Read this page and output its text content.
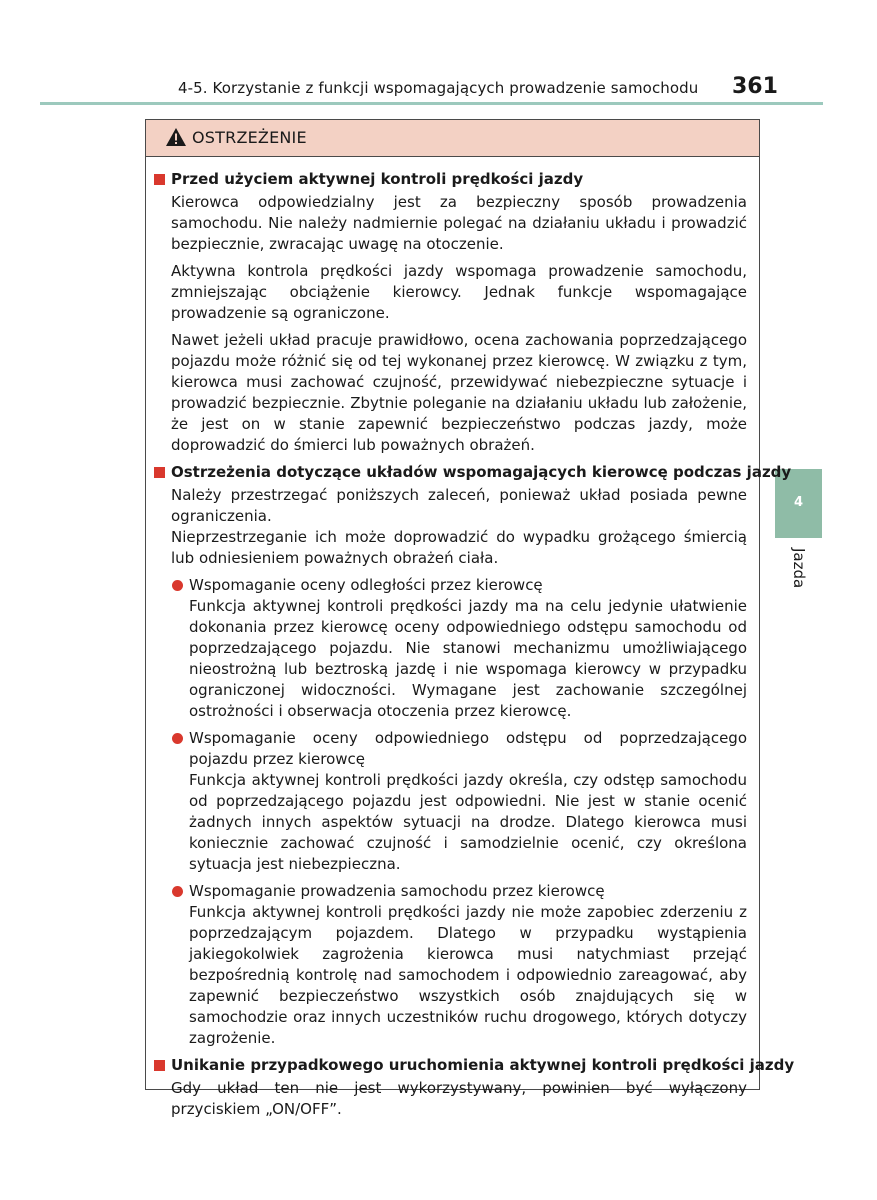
4-5. Korzystanie z funkcji wspomagających prowadzenie samochodu 361
4
Jazda
OSTRZEŻENIE
Przed użyciem aktywnej kontroli prędkości jazdy
Kierowca odpowiedzialny jest za bezpieczny sposób prowadzenia samochodu. Nie należy nadmiernie polegać na działaniu układu i prowadzić bezpiecznie, zwracając uwagę na otoczenie.
Aktywna kontrola prędkości jazdy wspomaga prowadzenie samochodu, zmniejszając obciążenie kierowcy. Jednak funkcje wspomagające prowadzenie są ograniczone.
Nawet jeżeli układ pracuje prawidłowo, ocena zachowania poprzedzającego pojazdu może różnić się od tej wykonanej przez kierowcę. W związku z tym, kierowca musi zachować czujność, przewidywać niebezpieczne sytuacje i prowadzić bezpiecznie. Zbytnie poleganie na działaniu układu lub założenie, że jest on w stanie zapewnić bezpieczeństwo podczas jazdy, może doprowadzić do śmierci lub poważnych obrażeń.
Ostrzeżenia dotyczące układów wspomagających kierowcę podczas jazdy
Należy przestrzegać poniższych zaleceń, ponieważ układ posiada pewne ograniczenia.
Nieprzestrzeganie ich może doprowadzić do wypadku grożącego śmiercią lub odniesieniem poważnych obrażeń ciała.
Wspomaganie oceny odległości przez kierowcę
Funkcja aktywnej kontroli prędkości jazdy ma na celu jedynie ułatwienie dokonania przez kierowcę oceny odpowiedniego odstępu samochodu od poprzedzającego pojazdu. Nie stanowi mechanizmu umożliwiającego nieostrożną lub beztroską jazdę i nie wspomaga kierowcy w przypadku ograniczonej widoczności. Wymagane jest zachowanie szczególnej ostrożności i obserwacja otoczenia przez kierowcę.
Wspomaganie oceny odpowiedniego odstępu od poprzedzającego pojazdu przez kierowcę
Funkcja aktywnej kontroli prędkości jazdy określa, czy odstęp samochodu od poprzedzającego pojazdu jest odpowiedni. Nie jest w stanie ocenić żadnych innych aspektów sytuacji na drodze. Dlatego kierowca musi koniecznie zachować czujność i samodzielnie ocenić, czy określona sytuacja jest niebezpieczna.
Wspomaganie prowadzenia samochodu przez kierowcę
Funkcja aktywnej kontroli prędkości jazdy nie może zapobiec zderzeniu z poprzedzającym pojazdem. Dlatego w przypadku wystąpienia jakiegokolwiek zagrożenia kierowca musi natychmiast przejąć bezpośrednią kontrolę nad samochodem i odpowiednio zareagować, aby zapewnić bezpieczeństwo wszystkich osób znajdujących się w samochodzie oraz innych uczestników ruchu drogowego, których dotyczy zagrożenie.
Unikanie przypadkowego uruchomienia aktywnej kontroli prędkości jazdy
Gdy układ ten nie jest wykorzystywany, powinien być wyłączony przyciskiem „ON/OFF”.
